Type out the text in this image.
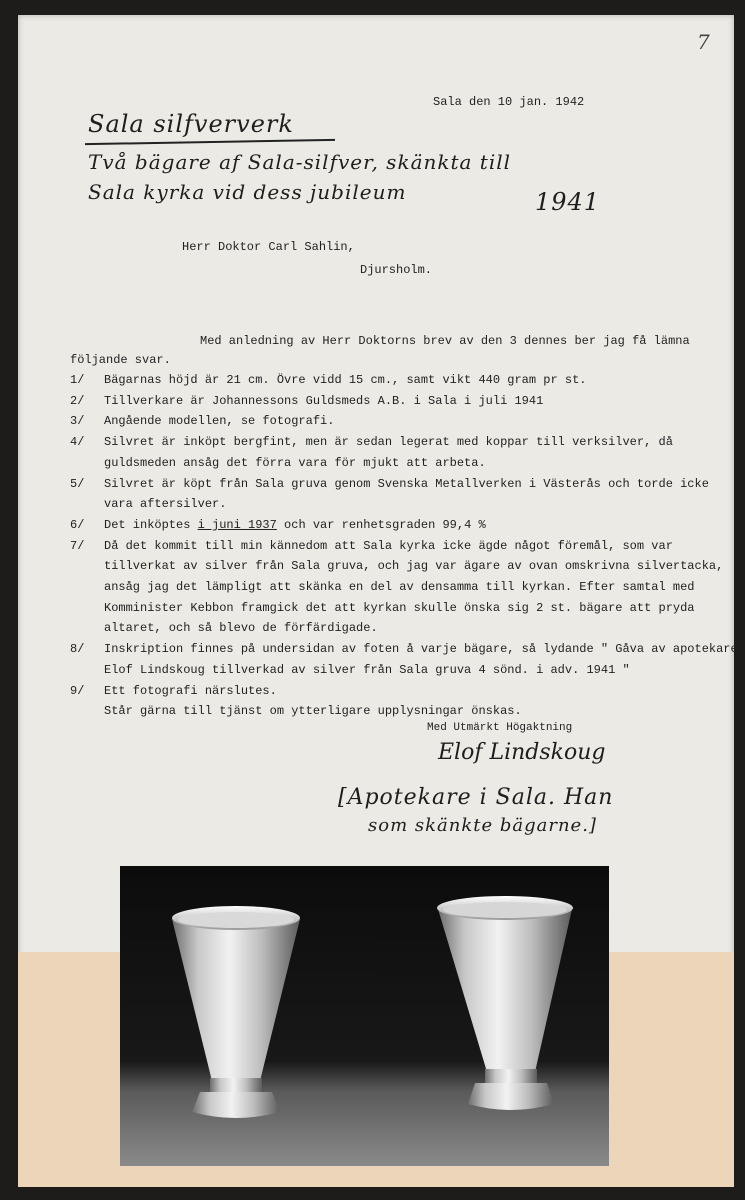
7
Sala den 10 jan. 1942
Sala silfververk
Två bägare af Sala-silfver, skänkta till
Sala kyrka vid dess jubileum	1941
Herr Doktor Carl Sahlin,
Djursholm.
Med anledning av Herr Doktorns brev av den 3 dennes ber jag få lämna
följande svar.
1/	Bägarnas höjd är 21 cm. Övre vidd 15 cm., samt vikt 440 gram pr st.
2/	Tillverkare är Johannessons Guldsmeds A.B. i Sala i juli 1941
3/	Angående modellen, se fotografi.
4/	Silvret är inköpt bergfint, men är sedan legerat med koppar till verksilver, då
guldsmeden ansåg det förra vara för mjukt att arbeta.
5/	Silvret är köpt från Sala gruva genom Svenska Metallverken i Västerås och torde icke
vara aftersilver.
6/	Det inköptes i juni 1937 och var renhetsgraden 99,4 %
7/	Då det kommit till min kännedom att Sala kyrka icke ägde något föremål, som var
tillverkat av silver från Sala gruva, och jag var ägare av ovan omskrivna silvertacka,
ansåg jag det lämpligt att skänka en del av densamma till kyrkan. Efter samtal med
Komminister Kebbon framgick det att kyrkan skulle önska sig 2 st. bägare att pryda
altaret, och så blevo de förfärdigade.
8/	Inskription finnes på undersidan av foten å varje bägare, så lydande " Gåva av apotekare
Elof Lindskoug tillverkad av silver från Sala gruva 4 sönd. i adv. 1941 "
9/	Ett fotografi närslutes.
Står gärna till tjänst om ytterligare upplysningar önskas.
Med Utmärkt Högaktning
Elof Lindskoug
[Apotekare i Sala. Han
som skänkte bägarne.]
